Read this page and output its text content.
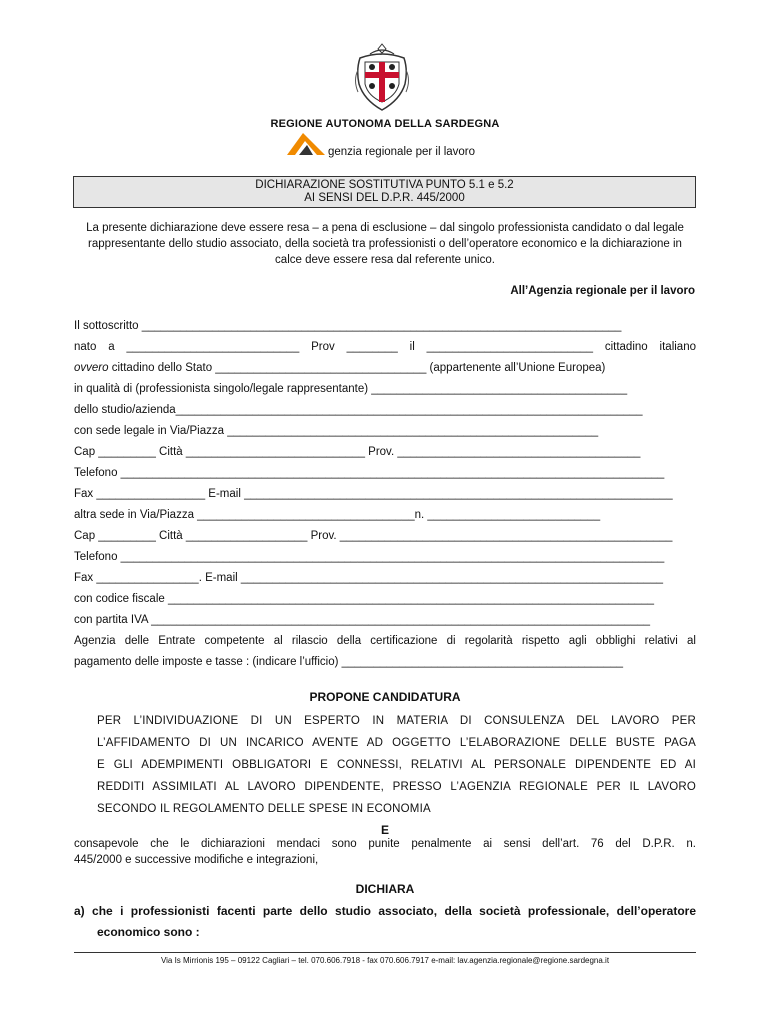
REGIONE AUTONOMA DELLA SARDEGNA
genzia regionale per il lavoro
DICHIARAZIONE SOSTITUTIVA PUNTO 5.1 e 5.2
AI SENSI DEL D.P.R. 445/2000
La presente dichiarazione deve essere resa – a pena di esclusione – dal singolo professionista candidato o dal legale
rappresentante dello studio associato, della società tra professionisti o dell’operatore economico e la dichiarazione in
calce deve essere resa dal referente unico.
All’Agenzia regionale per il lavoro
Il sottoscritto ___________________________________________________________________________
nato a ___________________________ Prov ________ il __________________________ cittadino italiano
ovvero cittadino dello Stato _________________________________ (appartenente all’Unione Europea)
in qualità di (professionista singolo/legale rappresentante) ________________________________________
dello studio/azienda_________________________________________________________________________
con sede legale in Via/Piazza __________________________________________________________
Cap _________ Città ____________________________ Prov. ______________________________________
Telefono _____________________________________________________________________________________
Fax _________________ E-mail ___________________________________________________________________
altra sede in Via/Piazza __________________________________n. ___________________________
Cap _________ Città ___________________ Prov. ____________________________________________________
Telefono _____________________________________________________________________________________
Fax ________________. E-mail __________________________________________________________________
con codice fiscale ____________________________________________________________________________
con partita IVA ______________________________________________________________________________
Agenzia delle Entrate competente al rilascio della certificazione di regolarità rispetto agli obblighi relativi al
pagamento delle imposte e tasse : (indicare l’ufficio) ____________________________________________
PROPONE CANDIDATURA
PER L’INDIVIDUAZIONE DI UN ESPERTO IN MATERIA DI CONSULENZA DEL LAVORO PER
L’AFFIDAMENTO DI UN INCARICO AVENTE AD OGGETTO L’ELABORAZIONE DELLE BUSTE PAGA
E GLI ADEMPIMENTI OBBLIGATORI E CONNESSI, RELATIVI AL PERSONALE DIPENDENTE ED AI
REDDITI ASSIMILATI AL LAVORO DIPENDENTE, PRESSO L’AGENZIA REGIONALE PER IL LAVORO
SECONDO IL REGOLAMENTO DELLE SPESE IN ECONOMIA
E
consapevole che le dichiarazioni mendaci sono punite penalmente ai sensi dell’art. 76 del D.P.R. n.
445/2000 e successive modifiche e integrazioni,
DICHIARA
a) che i professionisti facenti parte dello studio associato, della società professionale, dell’operatore
economico sono :
Via Is Mirrionis 195 – 09122 Cagliari – tel. 070.606.7918 - fax 070.606.7917 e-mail: lav.agenzia.regionale@regione.sardegna.it
